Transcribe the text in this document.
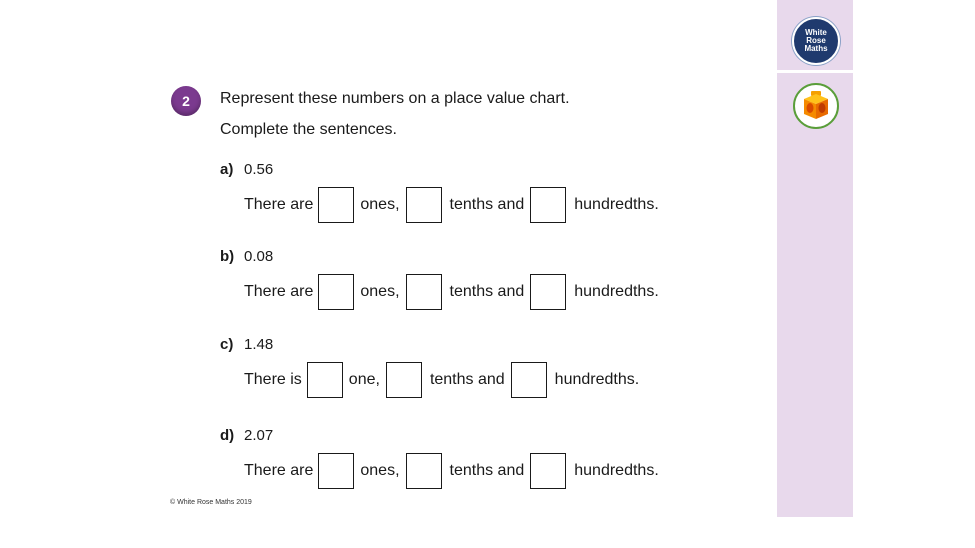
White
Rose
Maths
2	Represent these numbers on a place value chart.
Complete the sentences.
a) 0.56
There are	ones,	tenths and	hundredths.
b) 0.08
There are	ones,	tenths and	hundredths.
c) 1.48
There is	one,	tenths and	hundredths.
d) 2.07
There are	ones,	tenths and	hundredths.
© White Rose Maths 2019
